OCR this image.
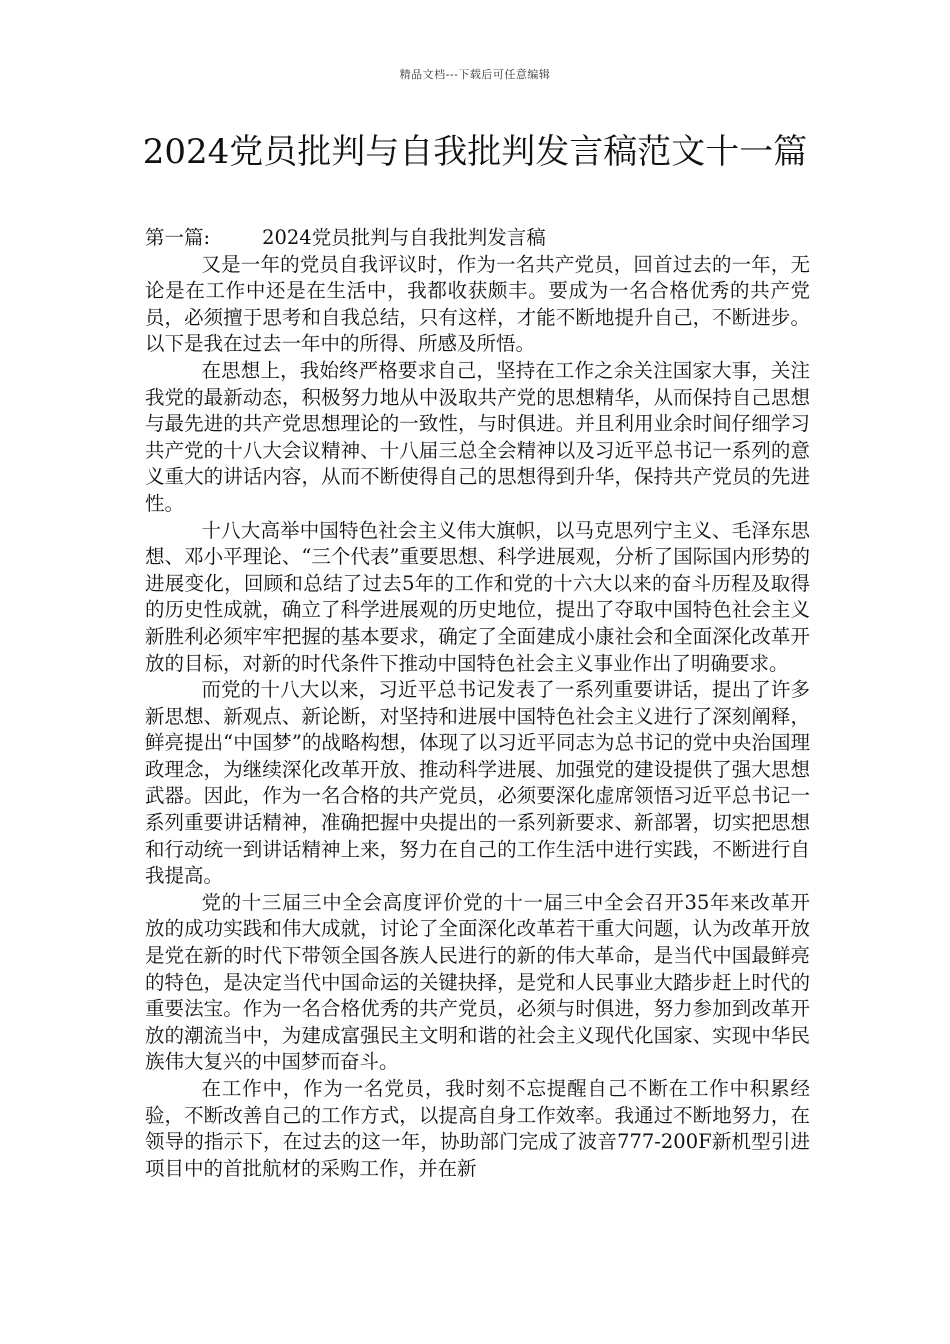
精品文档---下载后可任意编辑
2024党员批判与自我批判发言稿范文十一篇

第一篇:	2024党员批判与自我批判发言稿

又是一年的党员自我评议时，作为一名共产党员，回首过去的一年，无论是在工作中还是在生活中，我都收获颇丰。要成为一名合格优秀的共产党员，必须擅于思考和自我总结，只有这样，才能不断地提升自己，不断进步。以下是我在过去一年中的所得、所感及所悟。

在思想上，我始终严格要求自己，坚持在工作之余关注国家大事，关注我党的最新动态，积极努力地从中汲取共产党的思想精华，从而保持自己思想与最先进的共产党思想理论的一致性，与时俱进。并且利用业余时间仔细学习共产党的十八大会议精神、十八届三总全会精神以及习近平总书记一系列的意义重大的讲话内容，从而不断使得自己的思想得到升华，保持共产党员的先进性。

十八大高举中国特色社会主义伟大旗帜，以马克思列宁主义、毛泽东思想、邓小平理论、“三个代表”重要思想、科学进展观，分析了国际国内形势的进展变化，回顾和总结了过去5年的工作和党的十六大以来的奋斗历程及取得的历史性成就，确立了科学进展观的历史地位，提出了夺取中国特色社会主义新胜利必须牢牢把握的基本要求，确定了全面建成小康社会和全面深化改革开放的目标，对新的时代条件下推动中国特色社会主义事业作出了明确要求。

而党的十八大以来，习近平总书记发表了一系列重要讲话，提出了许多新思想、新观点、新论断，对坚持和进展中国特色社会主义进行了深刻阐释，鲜亮提出“中国梦”的战略构想，体现了以习近平同志为总书记的党中央治国理政理念，为继续深化改革开放、推动科学进展、加强党的建设提供了强大思想武器。因此，作为一名合格的共产党员，必须要深化虚席领悟习近平总书记一系列重要讲话精神，准确把握中央提出的一系列新要求、新部署，切实把思想和行动统一到讲话精神上来，努力在自己的工作生活中进行实践，不断进行自我提高。

党的十三届三中全会高度评价党的十一届三中全会召开35年来改革开放的成功实践和伟大成就，讨论了全面深化改革若干重大问题，认为改革开放是党在新的时代下带领全国各族人民进行的新的伟大革命，是当代中国最鲜亮的特色，是决定当代中国命运的关键抉择，是党和人民事业大踏步赶上时代的重要法宝。作为一名合格优秀的共产党员，必须与时俱进，努力参加到改革开放的潮流当中，为建成富强民主文明和谐的社会主义现代化国家、实现中华民族伟大复兴的中国梦而奋斗。

在工作中，作为一名党员，我时刻不忘提醒自己不断在工作中积累经验，不断改善自己的工作方式，以提高自身工作效率。我通过不断地努力，在领导的指示下，在过去的这一年，协助部门完成了波音777-200F新机型引进项目中的首批航材的采购工作，并在新
